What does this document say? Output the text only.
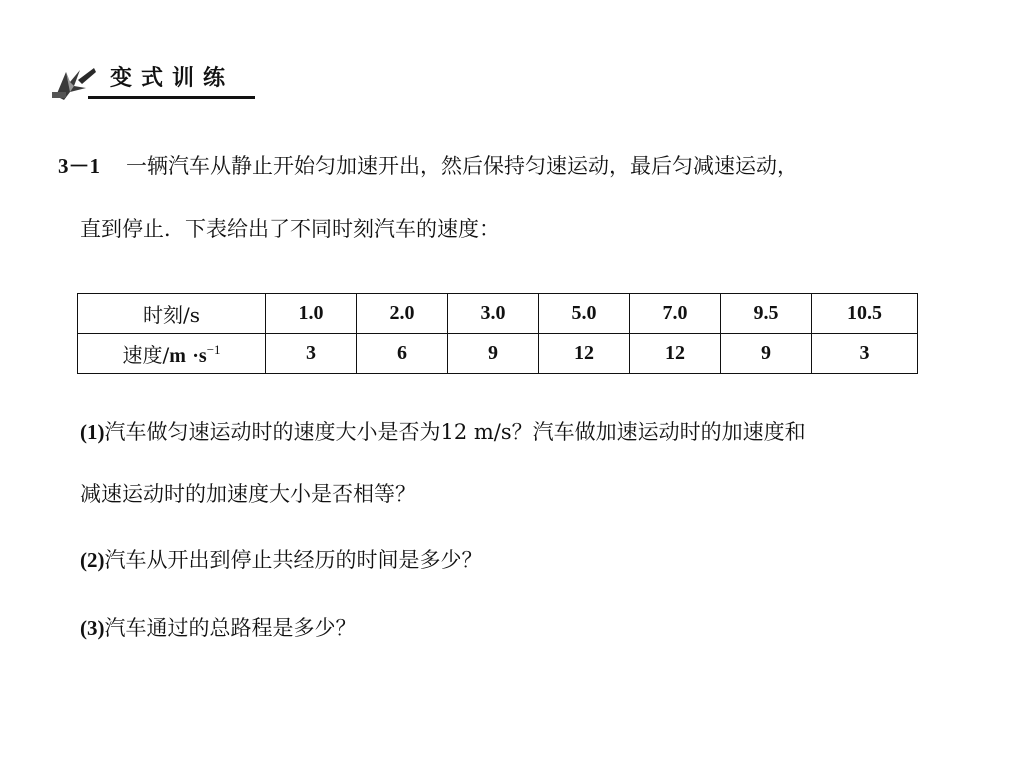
变式训练
3－1 一辆汽车从静止开始匀加速开出，然后保持匀速运动，最后匀减速运动，
直到停止．下表给出了不同时刻汽车的速度：
时刻/s	1.0	2.0	3.0	5.0	7.0	9.5	10.5
速度$/m \cdot s^{-1}$	3	6	9	12	12	9	3
(1)汽车做匀速运动时的速度大小是否为12 m/s？汽车做加速运动时的加速度和
减速运动时的加速度大小是否相等？
(2)汽车从开出到停止共经历的时间是多少？
(3)汽车通过的总路程是多少？
